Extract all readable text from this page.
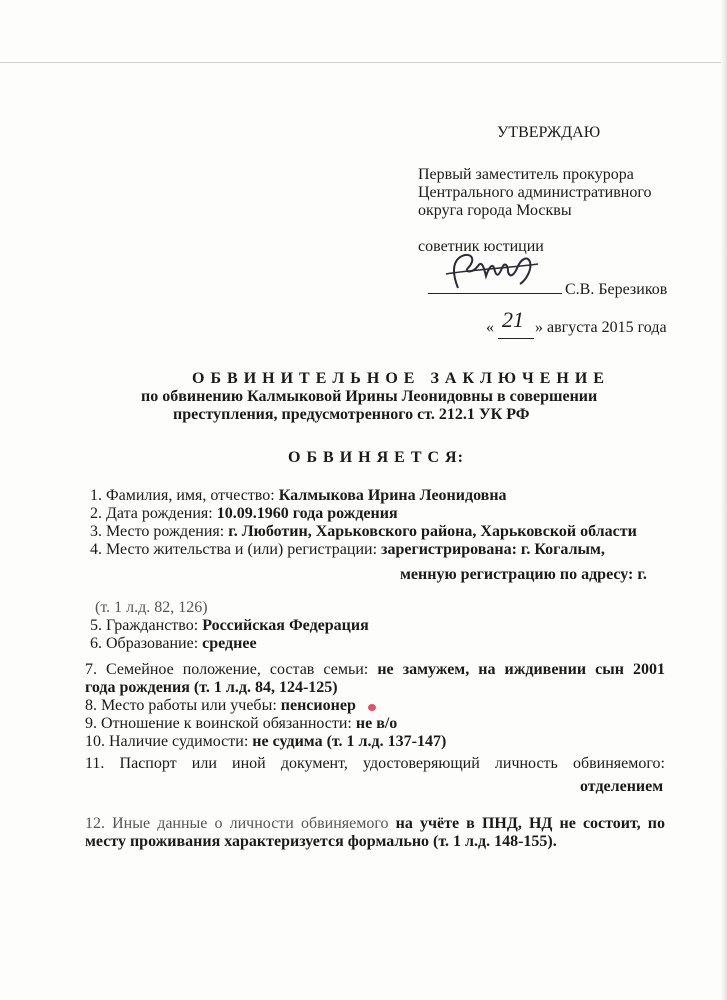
УТВЕРЖДАЮ
Первый заместитель прокурора
Центрального административного
округа города Москвы
советник юстиции
С.В. Березиков
« 21 » августа 2015 года
О Б В И Н И Т Е Л Ь Н О Е   З А К Л Ю Ч Е Н И Е
по обвинению Калмыковой Ирины Леонидовны в совершении
преступления, предусмотренного ст. 212.1 УК РФ
О Б В И Н Я Е Т С Я:
1. Фамилия, имя, отчество: Калмыкова Ирина Леонидовна
2. Дата рождения: 10.09.1960 года рождения
3. Место рождения: г. Люботин, Харьковского района, Харьковской области
4. Место жительства и (или) регистрации: зарегистрирована: г. Когалым,
менную регистрацию по адресу: г.
(т. 1 л.д. 82, 126)
5. Гражданство: Российская Федерация
6. Образование: среднее
7. Семейное положение, состав семьи: не замужем, на иждивении сын 2001
года рождения (т. 1 л.д. 84, 124-125)
8. Место работы или учебы: пенсионер
9. Отношение к воинской обязанности: не в/о
10. Наличие судимости: не судима (т. 1 л.д. 137-147)
11. Паспорт или иной документ, удостоверяющий личность обвиняемого:
отделением
12. Иные данные о личности обвиняемого на учёте в ПНД, НД не состоит, по
месту проживания характеризуется формально (т. 1 л.д. 148-155).
